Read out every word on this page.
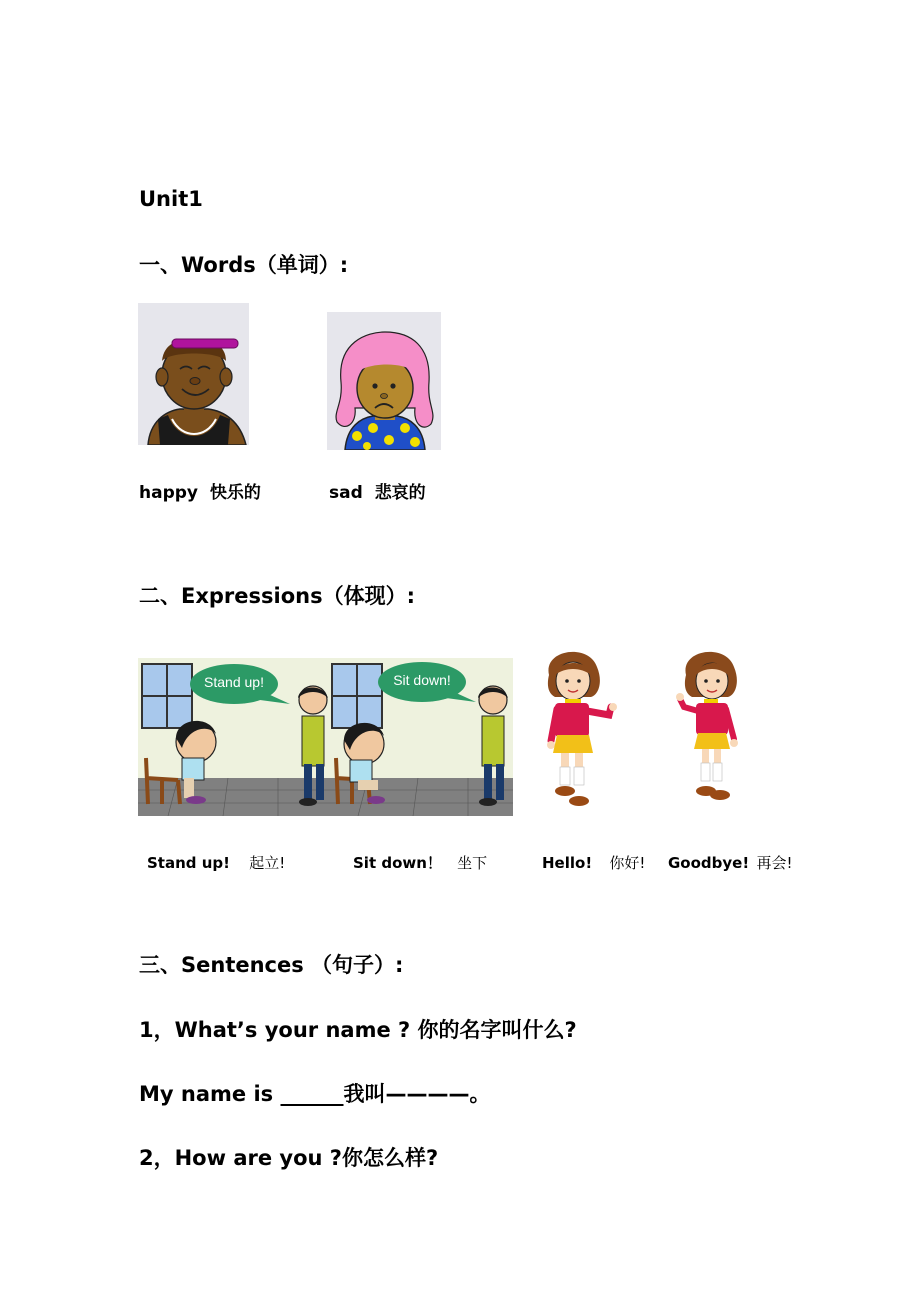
Unit1
一、Words（单词）:
happy 快乐的	sad 悲哀的
二、Expressions（体现）:
Stand up!	Sit down!
Stand up! 起立!	Sit down！ 坐下	Hello! 你好! Goodbye! 再会!
三、Sentences （句子）:
1，What’s your name ? 你的名字叫什么?
My name is ______我叫————。
2，How are you ?你怎么样?
